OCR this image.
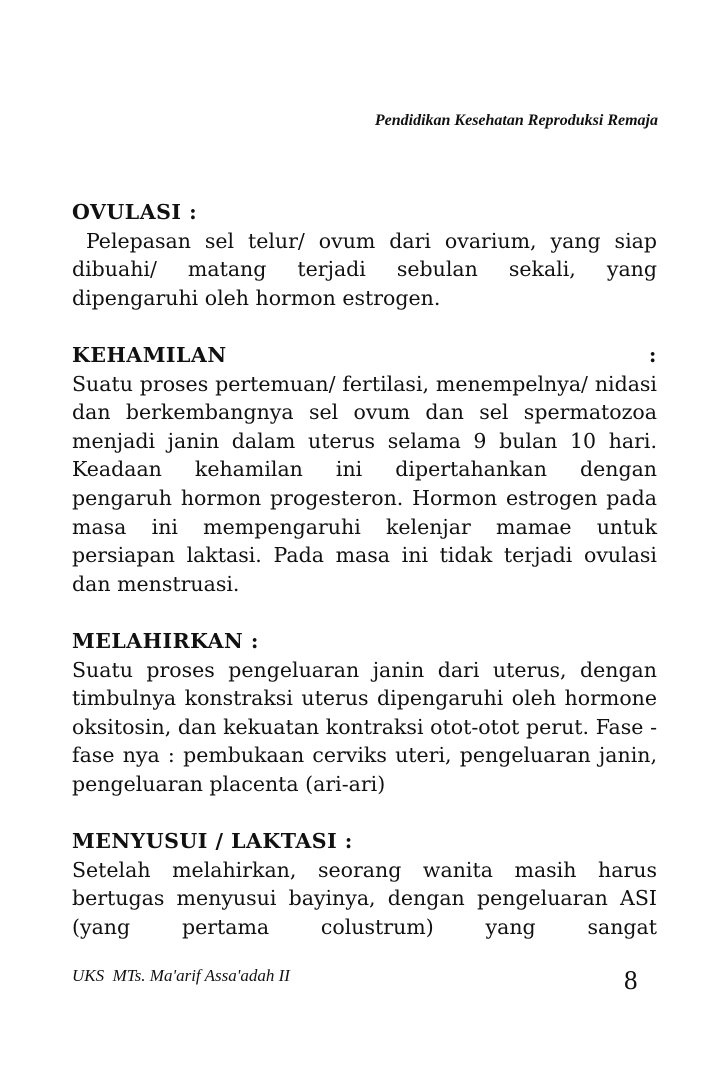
Pendidikan Kesehatan Reproduksi Remaja
OVULASI :
Pelepasan sel telur/ ovum dari ovarium, yang siap dibuahi/ matang terjadi sebulan sekali, yang dipengaruhi oleh hormon estrogen.
KEHAMILAN	:
Suatu proses pertemuan/ fertilasi, menempelnya/ nidasi dan berkembangnya sel ovum dan sel spermatozoa menjadi janin dalam uterus selama 9 bulan 10 hari. Keadaan kehamilan ini dipertahankan dengan pengaruh hormon progesteron. Hormon estrogen pada masa ini mempengaruhi kelenjar mamae untuk persiapan laktasi. Pada masa ini tidak terjadi ovulasi dan menstruasi.
MELAHIRKAN :
Suatu proses pengeluaran janin dari uterus, dengan timbulnya konstraksi uterus dipengaruhi oleh hormone oksitosin, dan kekuatan kontraksi otot-otot perut. Fase - fase nya : pembukaan cerviks uteri, pengeluaran janin, pengeluaran placenta (ari-ari)
MENYUSUI / LAKTASI :
Setelah melahirkan, seorang wanita masih harus bertugas menyusui bayinya, dengan pengeluaran ASI (yang pertama colustrum) yang sangat
UKS  MTs. Ma'arif Assa'adah II	8
